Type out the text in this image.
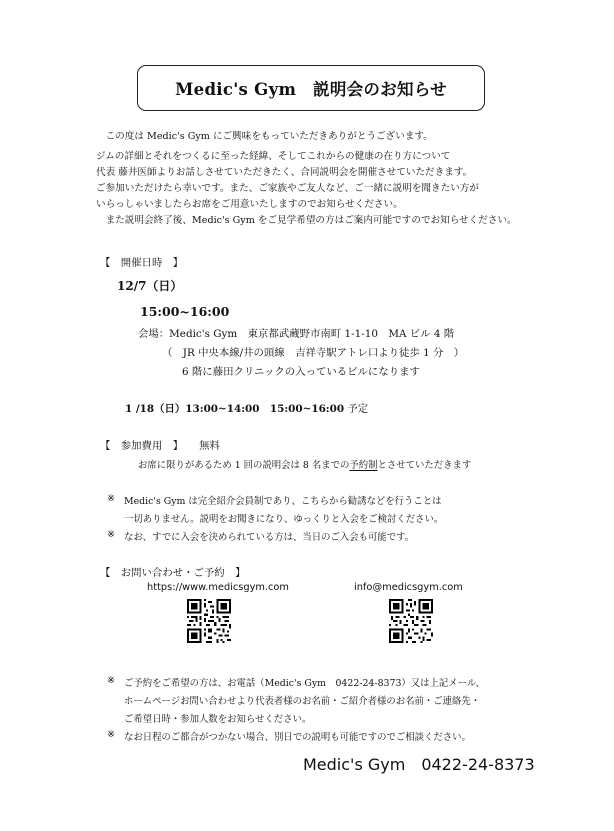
Medic's Gym　説明会のお知らせ
　この度は Medic's Gym にご興味をもっていただきありがとうございます。
ジムの詳細とそれをつくるに至った経緯、そしてこれからの健康の在り方について
代表 藤井医師よりお話しさせていただきたく、合同説明会を開催させていただきます。
ご参加いただけたら幸いです。また、ご家族やご友人など、ご一緒に説明を聞きたい方が
いらっしゃいましたらお席をご用意いたしますのでお知らせください。
　また説明会終了後、Medic's Gym をご見学希望の方はご案内可能ですのでお知らせください。
【　開催日時　】
12/7（日）
15:00~16:00
会場：Medic's Gym　東京都武蔵野市南町 1-1-10　MA ビル 4 階
（　JR 中央本線/井の頭線　吉祥寺駅アトレ口より徒歩 1 分　）
6 階に藤田クリニックの入っているビルになります
1 /18（日）13:00~14:00　15:00~16:00 予定
【　参加費用　】 無料
お席に限りがあるため 1 回の説明会は 8 名までの予約制とさせていただきます
※ Medic's Gym は完全紹介会員制であり、こちらから勧誘などを行うことは
一切ありません。説明をお聞きになり、ゆっくりと入会をご検討ください。
※ なお、すでに入会を決められている方は、当日のご入会も可能です。
【　お問い合わせ・ご予約　】
https://www.medicsgym.com	info@medicsgym.com
※ ご予約をご希望の方は、お電話（Medic's Gym　0422-24-8373）又は上記メール、
ホームページお問い合わせより代表者様のお名前・ご紹介者様のお名前・ご連絡先・
ご希望日時・参加人数をお知らせください。
※ なお日程のご都合がつかない場合、別日での説明も可能ですのでご相談ください。
Medic's Gym　0422-24-8373
